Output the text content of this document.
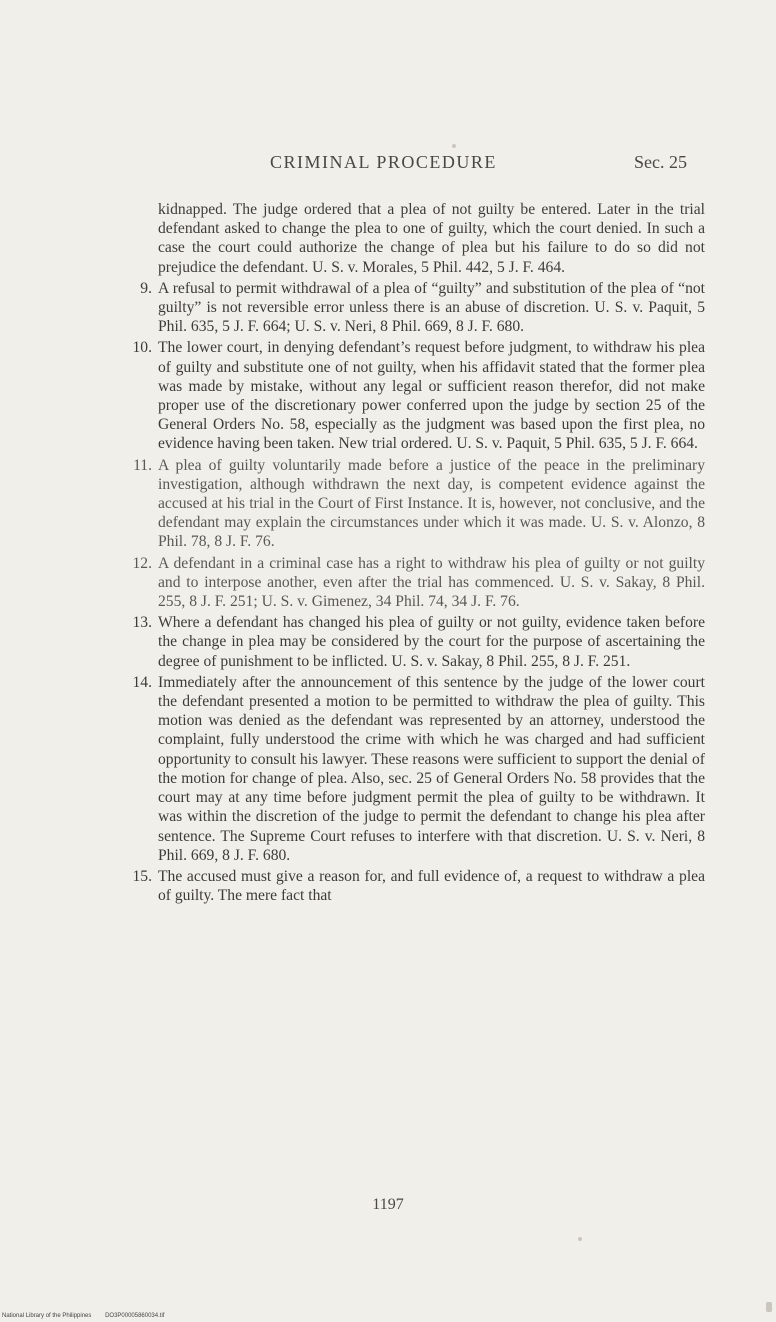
CRIMINAL PROCEDURE	Sec. 25

kidnapped. The judge ordered that a plea of not guilty be entered. Later in the trial defendant asked to change the plea to one of guilty, which the court denied. In such a case the court could authorize the change of plea but his failure to do so did not prejudice the defendant. U. S. v. Morales, 5 Phil. 442, 5 J. F. 464.

9. A refusal to permit withdrawal of a plea of “guilty” and substitution of the plea of “not guilty” is not reversible error unless there is an abuse of discretion. U. S. v. Paquit, 5 Phil. 635, 5 J. F. 664; U. S. v. Neri, 8 Phil. 669, 8 J. F. 680.
10. The lower court, in denying defendant’s request before judgment, to withdraw his plea of guilty and substitute one of not guilty, when his affidavit stated that the former plea was made by mistake, without any legal or sufficient reason therefor, did not make proper use of the discretionary power conferred upon the judge by section 25 of the General Orders No. 58, especially as the judgment was based upon the first plea, no evidence having been taken. New trial ordered. U. S. v. Paquit, 5 Phil. 635, 5 J. F. 664.
11. A plea of guilty voluntarily made before a justice of the peace in the preliminary investigation, although withdrawn the next day, is competent evidence against the accused at his trial in the Court of First Instance. It is, however, not conclusive, and the defendant may explain the circumstances under which it was made. U. S. v. Alonzo, 8 Phil. 78, 8 J. F. 76.
12. A defendant in a criminal case has a right to withdraw his plea of guilty or not guilty and to interpose another, even after the trial has commenced. U. S. v. Sakay, 8 Phil. 255, 8 J. F. 251; U. S. v. Gimenez, 34 Phil. 74, 34 J. F. 76.
13. Where a defendant has changed his plea of guilty or not guilty, evidence taken before the change in plea may be considered by the court for the purpose of ascertaining the degree of punishment to be inflicted. U. S. v. Sakay, 8 Phil. 255, 8 J. F. 251.
14. Immediately after the announcement of this sentence by the judge of the lower court the defendant presented a motion to be permitted to withdraw the plea of guilty. This motion was denied as the defendant was represented by an attorney, understood the complaint, fully understood the crime with which he was charged and had sufficient opportunity to consult his lawyer. These reasons were sufficient to support the denial of the motion for change of plea. Also, sec. 25 of General Orders No. 58 provides that the court may at any time before judgment permit the plea of guilty to be withdrawn. It was within the discretion of the judge to permit the defendant to change his plea after sentence. The Supreme Court refuses to interfere with that discretion. U. S. v. Neri, 8 Phil. 669, 8 J. F. 680.
15. The accused must give a reason for, and full evidence of, a request to withdraw a plea of guilty. The mere fact that
1197
National Library of the Philippines DO3P00005860034.tif
